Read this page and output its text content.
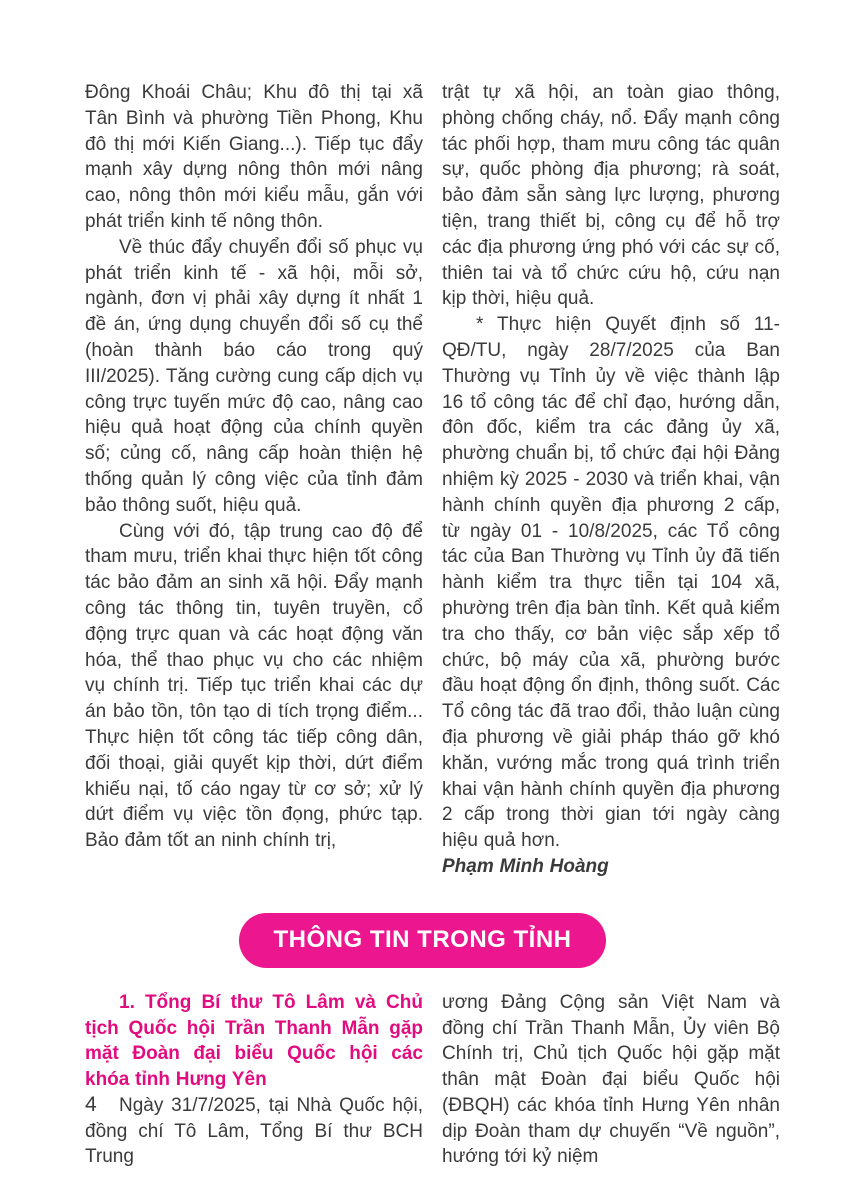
Đông Khoái Châu; Khu đô thị tại xã Tân Bình và phường Tiền Phong, Khu đô thị mới Kiến Giang...). Tiếp tục đẩy mạnh xây dựng nông thôn mới nâng cao, nông thôn mới kiểu mẫu, gắn với phát triển kinh tế nông thôn.

Về thúc đẩy chuyển đổi số phục vụ phát triển kinh tế - xã hội, mỗi sở, ngành, đơn vị phải xây dựng ít nhất 1 đề án, ứng dụng chuyển đổi số cụ thể (hoàn thành báo cáo trong quý III/2025). Tăng cường cung cấp dịch vụ công trực tuyến mức độ cao, nâng cao hiệu quả hoạt động của chính quyền số; củng cố, nâng cấp hoàn thiện hệ thống quản lý công việc của tỉnh đảm bảo thông suốt, hiệu quả.

Cùng với đó, tập trung cao độ để tham mưu, triển khai thực hiện tốt công tác bảo đảm an sinh xã hội. Đẩy mạnh công tác thông tin, tuyên truyền, cổ động trực quan và các hoạt động văn hóa, thể thao phục vụ cho các nhiệm vụ chính trị. Tiếp tục triển khai các dự án bảo tồn, tôn tạo di tích trọng điểm... Thực hiện tốt công tác tiếp công dân, đối thoại, giải quyết kịp thời, dứt điểm khiếu nại, tố cáo ngay từ cơ sở; xử lý dứt điểm vụ việc tồn đọng, phức tạp. Bảo đảm tốt an ninh chính trị,

trật tự xã hội, an toàn giao thông, phòng chống cháy, nổ. Đẩy mạnh công tác phối hợp, tham mưu công tác quân sự, quốc phòng địa phương; rà soát, bảo đảm sẵn sàng lực lượng, phương tiện, trang thiết bị, công cụ để hỗ trợ các địa phương ứng phó với các sự cố, thiên tai và tổ chức cứu hộ, cứu nạn kịp thời, hiệu quả.

* Thực hiện Quyết định số 11-QĐ/TU, ngày 28/7/2025 của Ban Thường vụ Tỉnh ủy về việc thành lập 16 tổ công tác để chỉ đạo, hướng dẫn, đôn đốc, kiểm tra các đảng ủy xã, phường chuẩn bị, tổ chức đại hội Đảng nhiệm kỳ 2025 - 2030 và triển khai, vận hành chính quyền địa phương 2 cấp, từ ngày 01 - 10/8/2025, các Tổ công tác của Ban Thường vụ Tỉnh ủy đã tiến hành kiểm tra thực tiễn tại 104 xã, phường trên địa bàn tỉnh. Kết quả kiểm tra cho thấy, cơ bản việc sắp xếp tổ chức, bộ máy của xã, phường bước đầu hoạt động ổn định, thông suốt. Các Tổ công tác đã trao đổi, thảo luận cùng địa phương về giải pháp tháo gỡ khó khăn, vướng mắc trong quá trình triển khai vận hành chính quyền địa phương 2 cấp trong thời gian tới ngày càng hiệu quả hơn.

Phạm Minh Hoàng

THÔNG TIN TRONG TỈNH
1. Tổng Bí thư Tô Lâm và Chủ tịch Quốc hội Trần Thanh Mẫn gặp mặt Đoàn đại biểu Quốc hội các khóa tỉnh Hưng Yên

Ngày 31/7/2025, tại Nhà Quốc hội, đồng chí Tô Lâm, Tổng Bí thư BCH Trung

ương Đảng Cộng sản Việt Nam và đồng chí Trần Thanh Mẫn, Ủy viên Bộ Chính trị, Chủ tịch Quốc hội gặp mặt thân mật Đoàn đại biểu Quốc hội (ĐBQH) các khóa tỉnh Hưng Yên nhân dịp Đoàn tham dự chuyến “Về nguồn”, hướng tới kỷ niệm

4
